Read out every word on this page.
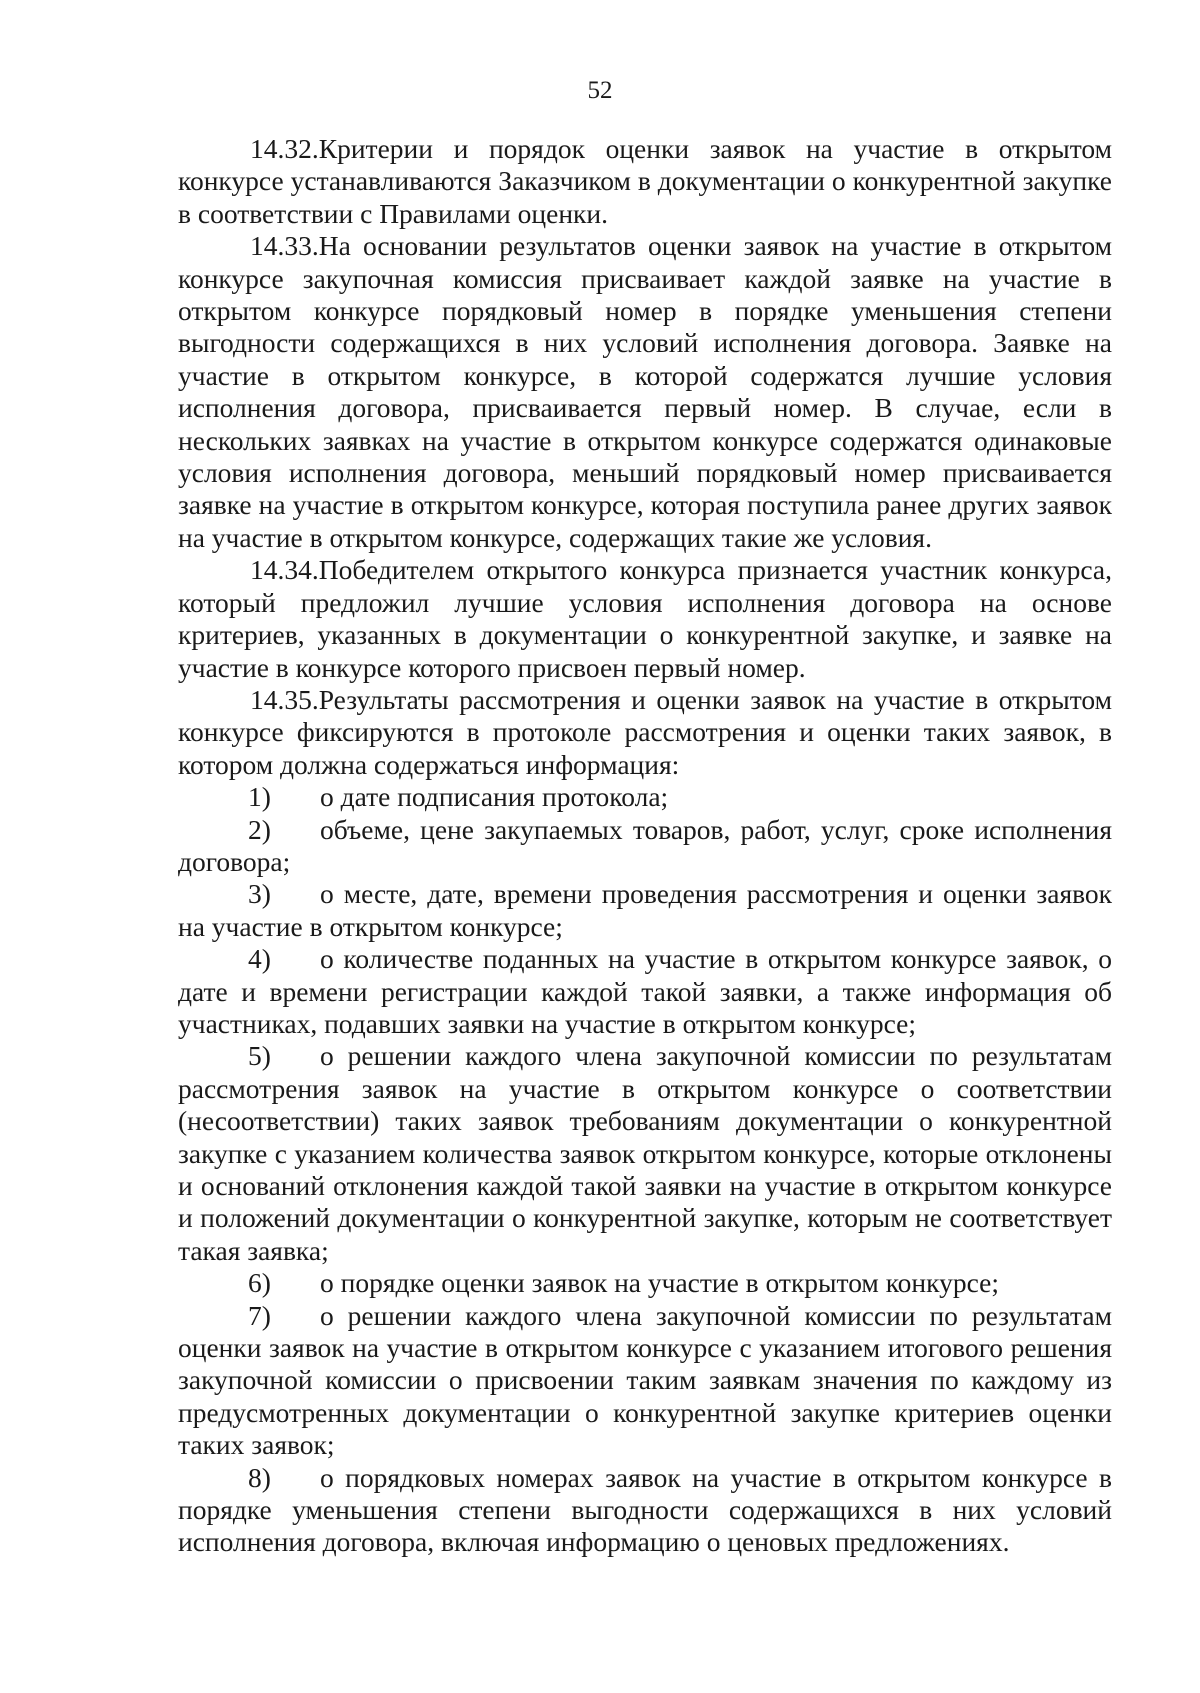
52

14.32.Критерии и порядок оценки заявок на участие в открытом конкурсе устанавливаются Заказчиком в документации о конкурентной закупке в соответствии с Правилами оценки.

14.33.На основании результатов оценки заявок на участие в открытом конкурсе закупочная комиссия присваивает каждой заявке на участие в открытом конкурсе порядковый номер в порядке уменьшения степени выгодности содержащихся в них условий исполнения договора. Заявке на участие в открытом конкурсе, в которой содержатся лучшие условия исполнения договора, присваивается первый номер. В случае, если в нескольких заявках на участие в открытом конкурсе содержатся одинаковые условия исполнения договора, меньший порядковый номер присваивается заявке на участие в открытом конкурсе, которая поступила ранее других заявок на участие в открытом конкурсе, содержащих такие же условия.

14.34.Победителем открытого конкурса признается участник конкурса, который предложил лучшие условия исполнения договора на основе критериев, указанных в документации о конкурентной закупке, и заявке на участие в конкурсе которого присвоен первый номер.

14.35.Результаты рассмотрения и оценки заявок на участие в открытом конкурсе фиксируются в протоколе рассмотрения и оценки таких заявок, в котором должна содержаться информация:

1) о дате подписания протокола;

2) объеме, цене закупаемых товаров, работ, услуг, сроке исполнения договора;

3) о месте, дате, времени проведения рассмотрения и оценки заявок на участие в открытом конкурсе;

4) о количестве поданных на участие в открытом конкурсе заявок, о дате и времени регистрации каждой такой заявки, а также информация об участниках, подавших заявки на участие в открытом конкурсе;

5) о решении каждого члена закупочной комиссии по результатам рассмотрения заявок на участие в открытом конкурсе о соответствии (несоответствии) таких заявок требованиям документации о конкурентной закупке с указанием количества заявок открытом конкурсе, которые отклонены и оснований отклонения каждой такой заявки на участие в открытом конкурсе и положений документации о конкурентной закупке, которым не соответствует такая заявка;

6) о порядке оценки заявок на участие в открытом конкурсе;

7) о решении каждого члена закупочной комиссии по результатам оценки заявок на участие в открытом конкурсе с указанием итогового решения закупочной комиссии о присвоении таким заявкам значения по каждому из предусмотренных документации о конкурентной закупке критериев оценки таких заявок;

8) о порядковых номерах заявок на участие в открытом конкурсе в порядке уменьшения степени выгодности содержащихся в них условий исполнения договора, включая информацию о ценовых предложениях.
